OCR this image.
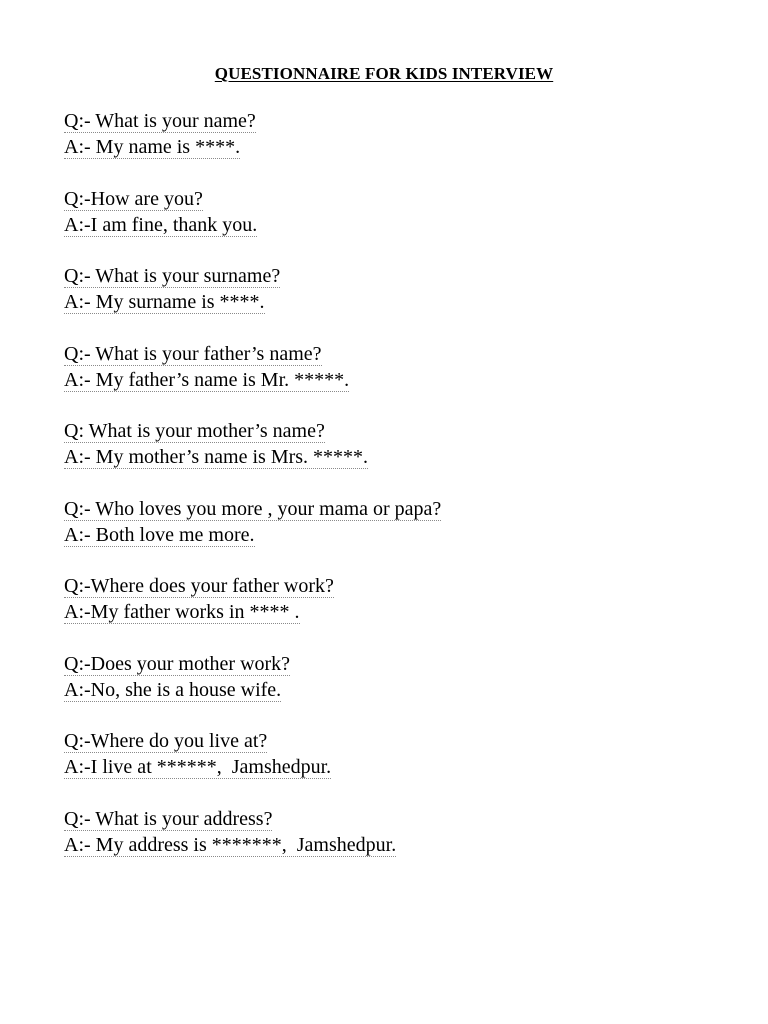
QUESTIONNAIRE FOR KIDS INTERVIEW
Q:- What is your name?
A:- My name is ****.
Q:-How are you?
A:-I am fine, thank you.
Q:- What is your surname?
A:- My surname is ****.
Q:- What is your father’s name?
A:- My father’s name is Mr. *****.
Q: What is your mother’s name?
A:- My mother’s name is Mrs. *****.
Q:- Who loves you more , your mama or papa?
A:- Both love me more.
Q:-Where does your father work?
A:-My father works in **** .
Q:-Does your mother work?
A:-No, she is a house wife.
Q:-Where do you live at?
A:-I live at ******,  Jamshedpur.
Q:- What is your address?
A:- My address is *******,  Jamshedpur.
